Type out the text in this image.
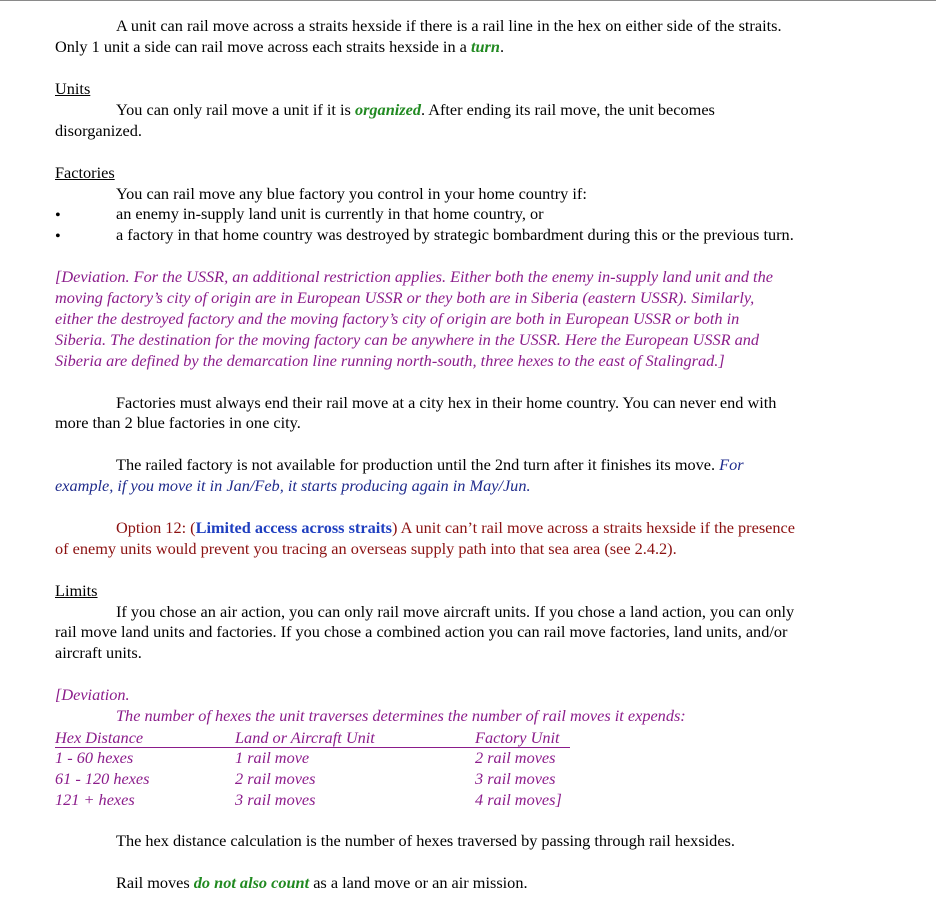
A unit can rail move across a straits hexside if there is a rail line in the hex on either side of the straits.
Only 1 unit a side can rail move across each straits hexside in a turn.
Units
You can only rail move a unit if it is organized. After ending its rail move, the unit becomes
disorganized.
Factories
You can rail move any blue factory you control in your home country if:
•	an enemy in-supply land unit is currently in that home country, or
•	a factory in that home country was destroyed by strategic bombardment during this or the previous turn.
[Deviation. For the USSR, an additional restriction applies. Either both the enemy in-supply land unit and the
moving factory’s city of origin are in European USSR or they both are in Siberia (eastern USSR). Similarly,
either the destroyed factory and the moving factory’s city of origin are both in European USSR or both in
Siberia. The destination for the moving factory can be anywhere in the USSR. Here the European USSR and
Siberia are defined by the demarcation line running north-south, three hexes to the east of Stalingrad.]
Factories must always end their rail move at a city hex in their home country. You can never end with
more than 2 blue factories in one city.
The railed factory is not available for production until the 2nd turn after it finishes its move. For
example, if you move it in Jan/Feb, it starts producing again in May/Jun.
Option 12: (Limited access across straits) A unit can’t rail move across a straits hexside if the presence
of enemy units would prevent you tracing an overseas supply path into that sea area (see 2.4.2).
Limits
If you chose an air action, you can only rail move aircraft units. If you chose a land action, you can only
rail move land units and factories. If you chose a combined action you can rail move factories, land units, and/or
aircraft units.
[Deviation.
The number of hexes the unit traverses determines the number of rail moves it expends:
Hex Distance	Land or Aircraft Unit	Factory Unit
1 - 60 hexes	1 rail move	2 rail moves
61 - 120 hexes	2 rail moves	3 rail moves
121 + hexes	3 rail moves	4 rail moves]
The hex distance calculation is the number of hexes traversed by passing through rail hexsides.
Rail moves do not also count as a land move or an air mission.
